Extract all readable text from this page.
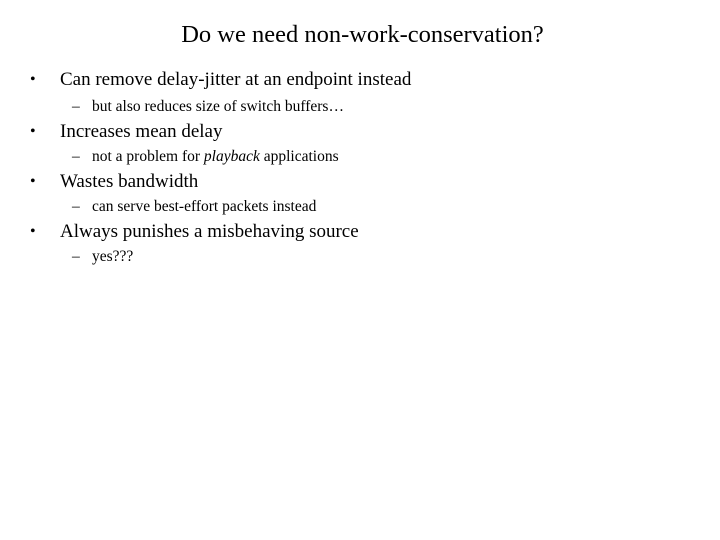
Do we need non-work-conservation?
• Can remove delay-jitter at an endpoint instead
– but also reduces size of switch buffers…
• Increases mean delay
– not a problem for playback applications
• Wastes bandwidth
– can serve best-effort packets instead
• Always punishes a misbehaving source
– yes???
